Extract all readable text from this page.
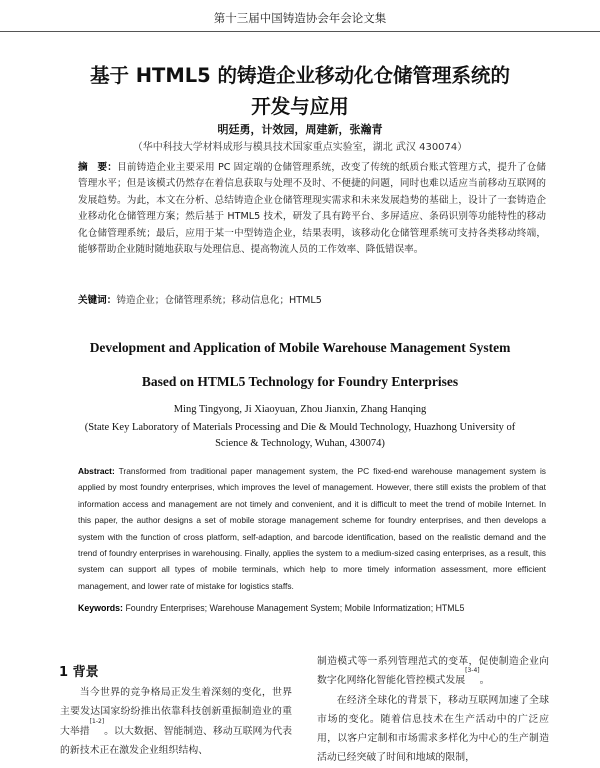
第十三届中国铸造协会年会论文集
基于 HTML5 的铸造企业移动化仓储管理系统的
开发与应用
明廷勇，计效园，周建新，张瀚青
（华中科技大学材料成形与模具技术国家重点实验室，湖北 武汉 430074）
摘　要：目前铸造企业主要采用 PC 固定端的仓储管理系统，改变了传统的纸质台账式管理方式，提升了仓储管理水平；但是该模式仍然存在着信息获取与处理不及时、不便捷的问题，同时也难以适应当前移动互联网的发展趋势。为此，本文在分析、总结铸造企业仓储管理现实需求和未来发展趋势的基础上，设计了一套铸造企业移动化仓储管理方案；然后基于 HTML5 技术，研发了具有跨平台、多屏适应、条码识别等功能特性的移动化仓储管理系统；最后，应用于某一中型铸造企业，结果表明，该移动化仓储管理系统可支持各类移动终端，能够帮助企业随时随地获取与处理信息、提高物流人员的工作效率、降低错误率。
关键词：铸造企业；仓储管理系统；移动信息化；HTML5
Development and Application of Mobile Warehouse Management System
Based on HTML5 Technology for Foundry Enterprises
Ming Tingyong, Ji Xiaoyuan, Zhou Jianxin, Zhang Hanqing
(State Key Laboratory of Materials Processing and Die & Mould Technology, Huazhong University of Science & Technology, Wuhan, 430074)
Abstract: Transformed from traditional paper management system, the PC fixed-end warehouse management system is applied by most foundry enterprises, which improves the level of management. However, there still exists the problem of that information access and management are not timely and convenient, and it is difficult to meet the trend of mobile Internet. In this paper, the author designs a set of mobile storage management scheme for foundry enterprises, and then develops a system with the function of cross platform, self-adaption, and barcode identification, based on the realistic demand and the trend of foundry enterprises in warehousing. Finally, applies the system to a medium-sized casing enterprises, as a result, this system can support all types of mobile terminals, which help to more timely information assessment, more efficient management, and lower rate of mistake for logistics staffs.
Keywords: Foundry Enterprises; Warehouse Management System; Mobile Informatization; HTML5
1 背景
当今世界的竞争格局正发生着深刻的变化，世界主要发达国家纷纷推出依靠科技创新重振制造业的重大举措[1-2]。以大数据、智能制造、移动互联网为代表的新技术正在激发企业组织结构、
制造模式等一系列管理范式的变革，促使制造企业向数字化网络化智能化管控模式发展[3-4]。
在经济全球化的背景下，移动互联网加速了全球市场的变化。随着信息技术在生产活动中的广泛应用，以客户定制和市场需求多样化为中心的生产制造活动已经突破了时间和地域的限制，
